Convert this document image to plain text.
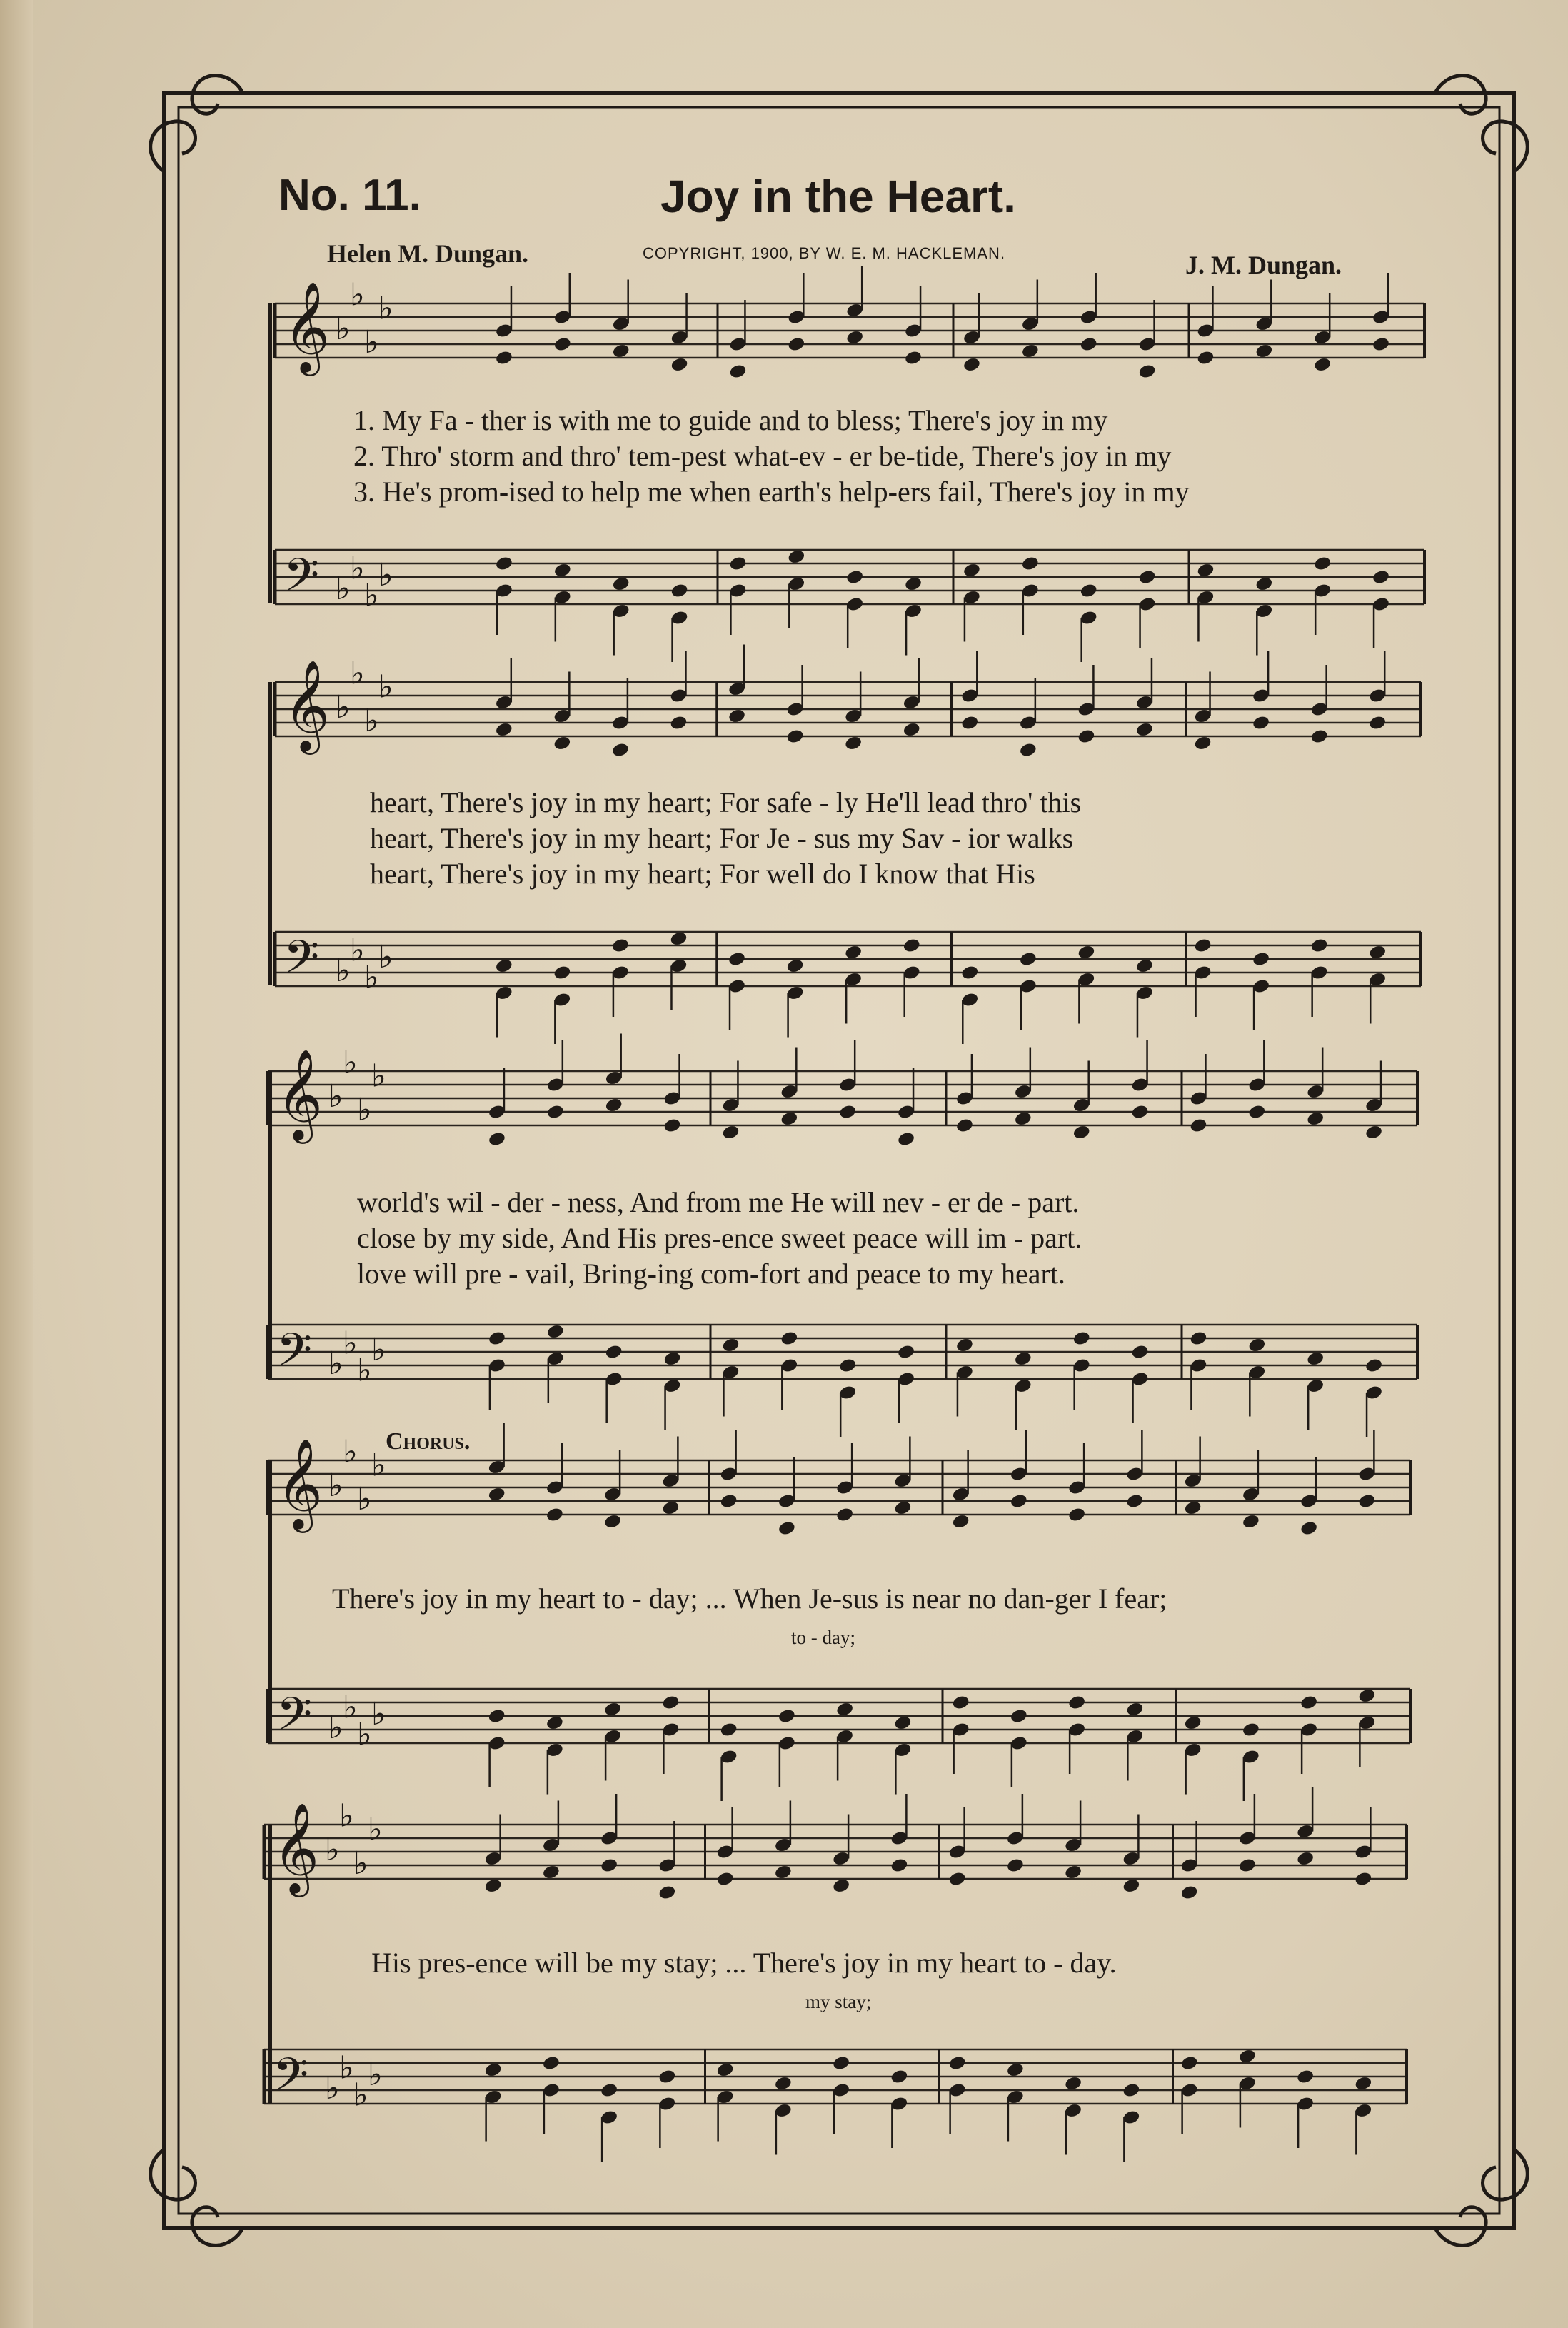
𝄞 ♭
♭
♭
♭
𝄢 ♭
♭
♭
♭
𝄞 ♭
♭
♭
♭
𝄢 ♭
♭
♭
♭
𝄞 ♭
♭
♭
♭
𝄢 ♭
♭
♭
♭
𝄞 ♭
♭
♭
♭
𝄢 ♭
♭
♭
♭
𝄞 ♭
♭
♭
♭
𝄢 ♭
♭
♭
♭
No. 11.	Joy in the Heart.
Helen M. Dungan.	COPYRIGHT, 1900, BY W. E. M. HACKLEMAN.	J. M. Dungan.
1. My Fa - ther is with me to guide and to bless; There's joy in my
2. Thro' storm and thro' tem-pest what-ev - er be-tide, There's joy in my
3. He's prom-ised to help me when earth's help-ers fail, There's joy in my
heart, There's joy in my heart; For safe - ly He'll lead thro' this
heart, There's joy in my heart; For Je - sus my Sav - ior walks
heart, There's joy in my heart; For well do I know that His
world's wil - der - ness, And from me He will nev - er de - part.
close by my side, And His pres-ence sweet peace will im - part.
love will pre - vail, Bring-ing com-fort and peace to my heart.
Chorus.
There's joy in my heart to - day; ... When Je-sus is near no dan-ger I fear;
to - day;
His pres-ence will be my stay; ... There's joy in my heart to - day.
my stay;
